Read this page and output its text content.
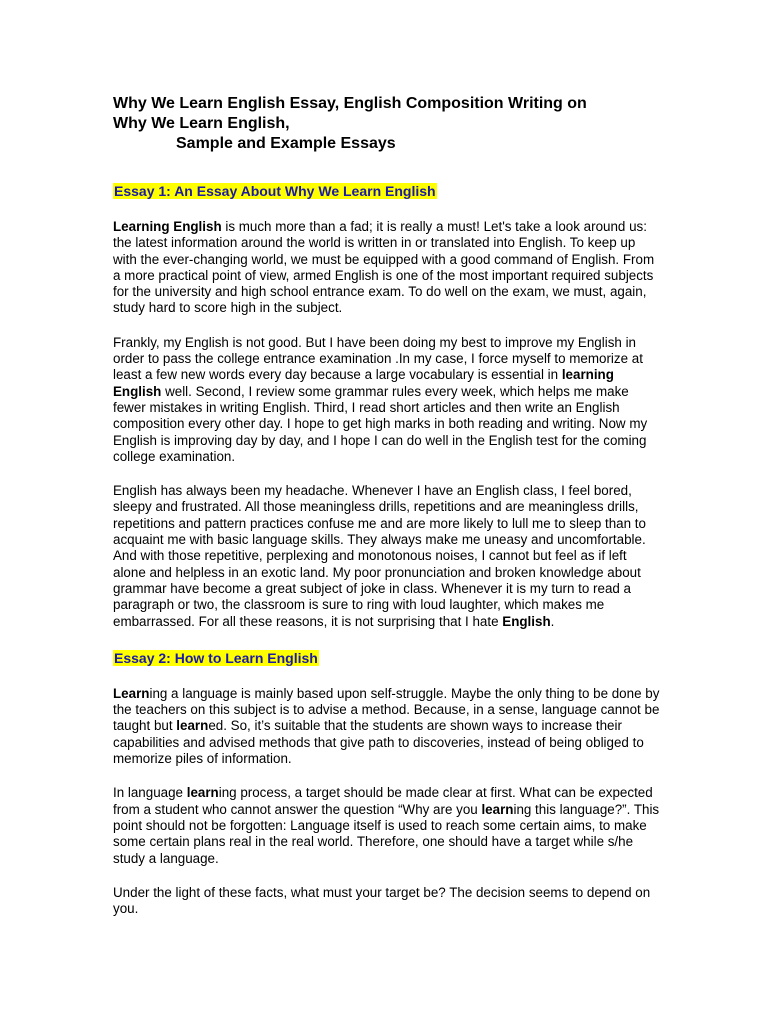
Why We Learn English Essay, English Composition Writing on
Why We Learn English,
Sample and Example Essays
Essay 1: An Essay About Why We Learn English

Learning English is much more than a fad; it is really a must! Let's take a look around us: the latest information around the world is written in or translated into English. To keep up with the ever-changing world, we must be equipped with a good command of English. From a more practical point of view, armed English is one of the most important required subjects for the university and high school entrance exam. To do well on the exam, we must, again, study hard to score high in the subject.

Frankly, my English is not good. But I have been doing my best to improve my English in order to pass the college entrance examination .In my case, I force myself to memorize at least a few new words every day because a large vocabulary is essential in learning English well. Second, I review some grammar rules every week, which helps me make fewer mistakes in writing English. Third, I read short articles and then write an English composition every other day. I hope to get high marks in both reading and writing. Now my English is improving day by day, and I hope I can do well in the English test for the coming college examination.

English has always been my headache. Whenever I have an English class, I feel bored, sleepy and frustrated. All those meaningless drills, repetitions and are meaningless drills, repetitions and pattern practices confuse me and are more likely to lull me to sleep than to acquaint me with basic language skills. They always make me uneasy and uncomfortable. And with those repetitive, perplexing and monotonous noises, I cannot but feel as if left alone and helpless in an exotic land. My poor pronunciation and broken knowledge about grammar have become a great subject of joke in class. Whenever it is my turn to read a paragraph or two, the classroom is sure to ring with loud laughter, which makes me embarrassed. For all these reasons, it is not surprising that I hate English.

Essay 2: How to Learn English

Learning a language is mainly based upon self-struggle. Maybe the only thing to be done by the teachers on this subject is to advise a method. Because, in a sense, language cannot be taught but learned. So, it’s suitable that the students are shown ways to increase their capabilities and advised methods that give path to discoveries, instead of being obliged to memorize piles of information.

In language learning process, a target should be made clear at first. What can be expected from a student who cannot answer the question “Why are you learning this language?”. This point should not be forgotten: Language itself is used to reach some certain aims, to make some certain plans real in the real world. Therefore, one should have a target while s/he study a language.

Under the light of these facts, what must your target be? The decision seems to depend on you.
